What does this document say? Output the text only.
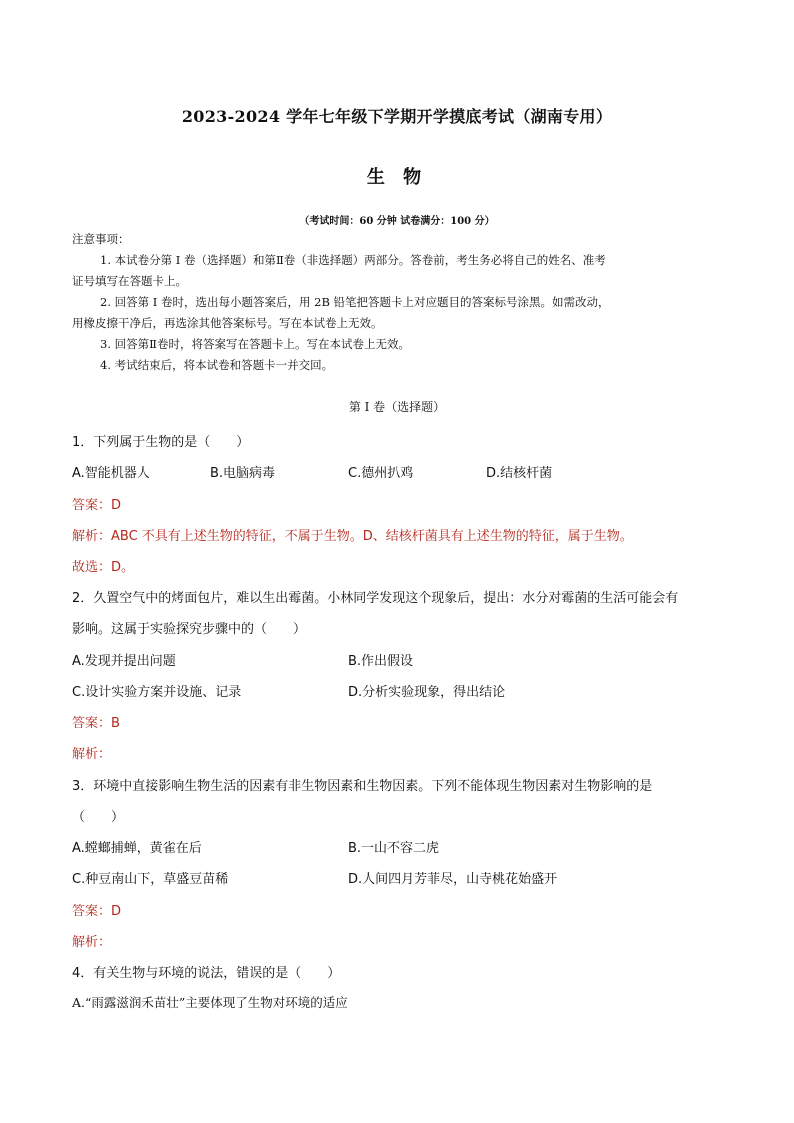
2023-2024 学年七年级下学期开学摸底考试（湖南专用）
生 物
（考试时间：60 分钟 试卷满分：100 分）
注意事项：
1. 本试卷分第 I 卷（选择题）和第Ⅱ卷（非选择题）两部分。答卷前，考生务必将自己的姓名、准考
证号填写在答题卡上。
2. 回答第 I 卷时，选出每小题答案后，用 2B 铅笔把答题卡上对应题目的答案标号涂黑。如需改动，
用橡皮擦干净后，再选涂其他答案标号。写在本试卷上无效。
3. 回答第Ⅱ卷时，将答案写在答题卡上。写在本试卷上无效。
4. 考试结束后，将本试卷和答题卡一并交回。
第 I 卷（选择题）
1．下列属于生物的是（　　）
A.智能机器人	B.电脑病毒	C.德州扒鸡	D.结核杆菌
答案：D
解析：ABC 不具有上述生物的特征，不属于生物。D、结核杆菌具有上述生物的特征，属于生物。
故选：D。
2．久置空气中的烤面包片，难以生出霉菌。小林同学发现这个现象后，提出：水分对霉菌的生活可能会有
影响。这属于实验探究步骤中的（　　）
A.发现并提出问题	B.作出假设
C.设计实验方案并设施、记录	D.分析实验现象，得出结论
答案：B
解析：
3．环境中直接影响生物生活的因素有非生物因素和生物因素。下列不能体现生物因素对生物影响的是
（　　）
A.螳螂捕蝉，黄雀在后	B.一山不容二虎
C.种豆南山下，草盛豆苗稀	D.人间四月芳菲尽，山寺桃花始盛开
答案：D
解析：
4．有关生物与环境的说法，错误的是（　　）
A.“雨露滋润禾苗壮”主要体现了生物对环境的适应
